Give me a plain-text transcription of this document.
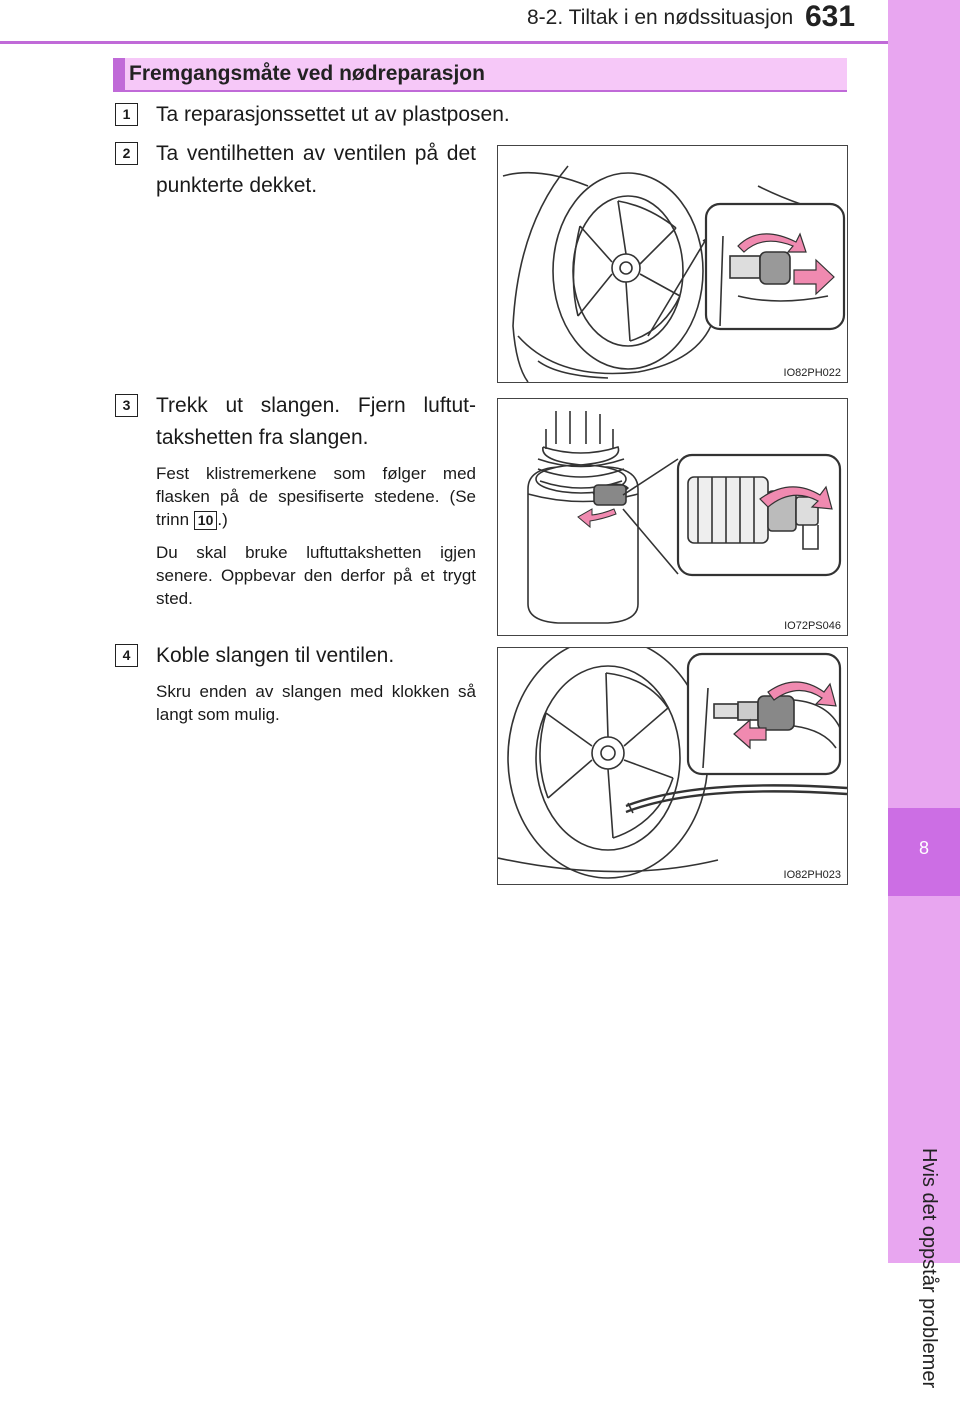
8-2. Tiltak i en nødssituasjon 631
8
Hvis det oppstår problemer
Fremgangsmåte ved nødreparasjon
1	Ta reparasjonssettet ut av plastposen.
2	Ta ventilhetten av ventilen på det punkterte dekket.
IO82PH022
3	Trekk ut slangen. Fjern luftuttakshetten fra slangen.
Fest klistremerkene som følger med flasken på de spesifiserte stedene. (Se trinn 10 .)
Du skal bruke luftuttakshetten igjen senere. Oppbevar den derfor på et trygt sted.
IO72PS046
4	Koble slangen til ventilen.
Skru enden av slangen med klokken så langt som mulig.
IO82PH023
